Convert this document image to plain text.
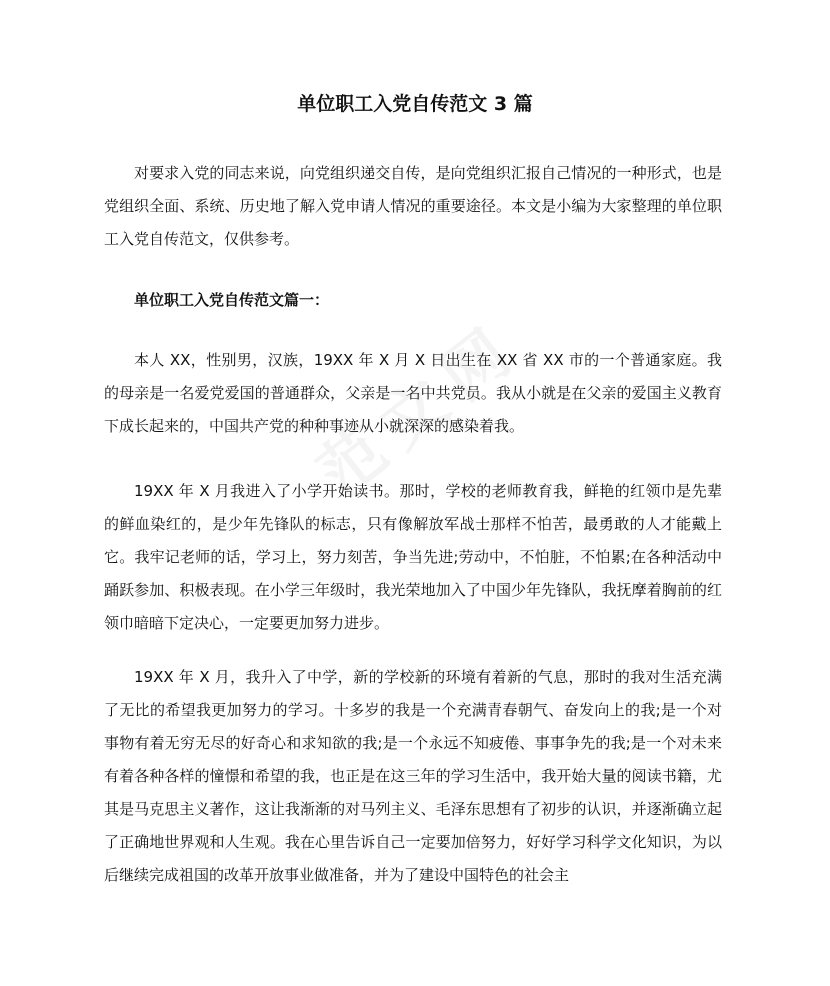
单位职工入党自传范文 3 篇

对要求入党的同志来说，向党组织递交自传，是向党组织汇报自己情况的一种形式，也是党组织全面、系统、历史地了解入党申请人情况的重要途径。本文是小编为大家整理的单位职工入党自传范文，仅供参考。

单位职工入党自传范文篇一：

本人 XX，性别男，汉族，19XX 年 X 月 X 日出生在 XX 省 XX 市的一个普通家庭。我的母亲是一名爱党爱国的普通群众，父亲是一名中共党员。我从小就是在父亲的爱国主义教育下成长起来的，中国共产党的种种事迹从小就深深的感染着我。

19XX 年 X 月我进入了小学开始读书。那时，学校的老师教育我，鲜艳的红领巾是先辈的鲜血染红的，是少年先锋队的标志，只有像解放军战士那样不怕苦，最勇敢的人才能戴上它。我牢记老师的话，学习上，努力刻苦，争当先进;劳动中，不怕脏，不怕累;在各种活动中踊跃参加、积极表现。在小学三年级时，我光荣地加入了中国少年先锋队，我抚摩着胸前的红领巾暗暗下定决心，一定要更加努力进步。

19XX 年 X 月，我升入了中学，新的学校新的环境有着新的气息，那时的我对生活充满了无比的希望我更加努力的学习。十多岁的我是一个充满青春朝气、奋发向上的我;是一个对事物有着无穷无尽的好奇心和求知欲的我;是一个永远不知疲倦、事事争先的我;是一个对未来有着各种各样的憧憬和希望的我，也正是在这三年的学习生活中，我开始大量的阅读书籍，尤其是马克思主义著作，这让我渐渐的对马列主义、毛泽东思想有了初步的认识，并逐渐确立起了正确地世界观和人生观。我在心里告诉自己一定要加倍努力，好好学习科学文化知识，为以后继续完成祖国的改革开放事业做准备，并为了建设中国特色的社会主
